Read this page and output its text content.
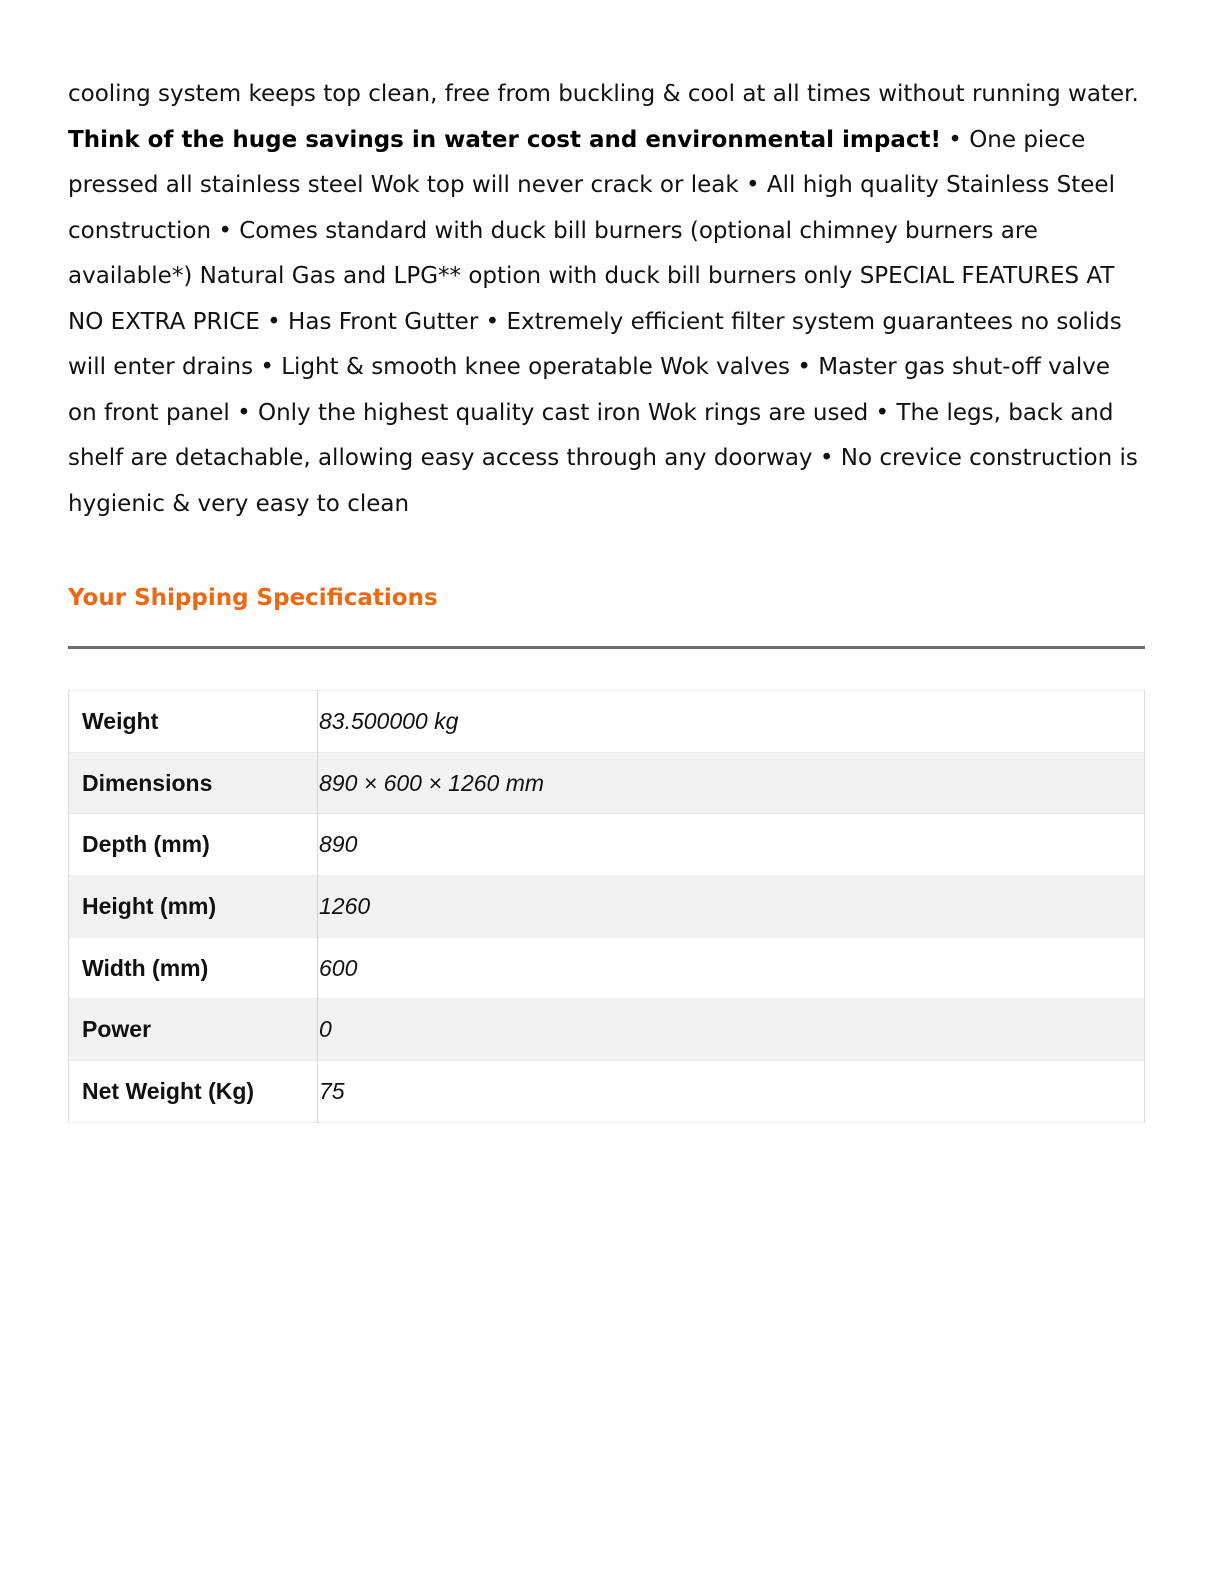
cooling system keeps top clean, free from buckling & cool at all times without running water. Think of the huge savings in water cost and environmental impact! • One piece pressed all stainless steel Wok top will never crack or leak • All high quality Stainless Steel construction • Comes standard with duck bill burners (optional chimney burners are available*) Natural Gas and LPG** option with duck bill burners only SPECIAL FEATURES AT NO EXTRA PRICE • Has Front Gutter • Extremely efficient filter system guarantees no solids will enter drains • Light & smooth knee operatable Wok valves • Master gas shut-off valve on front panel • Only the highest quality cast iron Wok rings are used • The legs, back and shelf are detachable, allowing easy access through any doorway • No crevice construction is hygienic & very easy to clean

Your Shipping Specifications
Weight	83.500000 kg
Dimensions	890 × 600 × 1260 mm
Depth (mm)	890
Height (mm)	1260
Width (mm)	600
Power	0
Net Weight (Kg)	75
